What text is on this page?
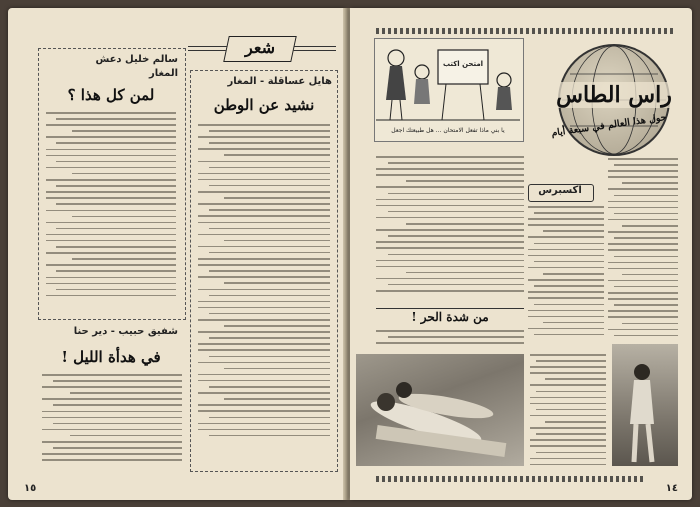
شعر
هايل عساقلة - المغار
نشيد عن الوطن
سالم خليل دعش
المغار
لمن كل هذا ؟
شفيق حبيب - دير حنا
في هدأة الليل !
١٥
امتحن اكتب
يا بني ماذا تفعل الامتحان ... هل طبيعتك اجعل
راس الطاس
حول هذا العالم في سبعة أيام
اكسبرس
من شدة الحر !
١٤
